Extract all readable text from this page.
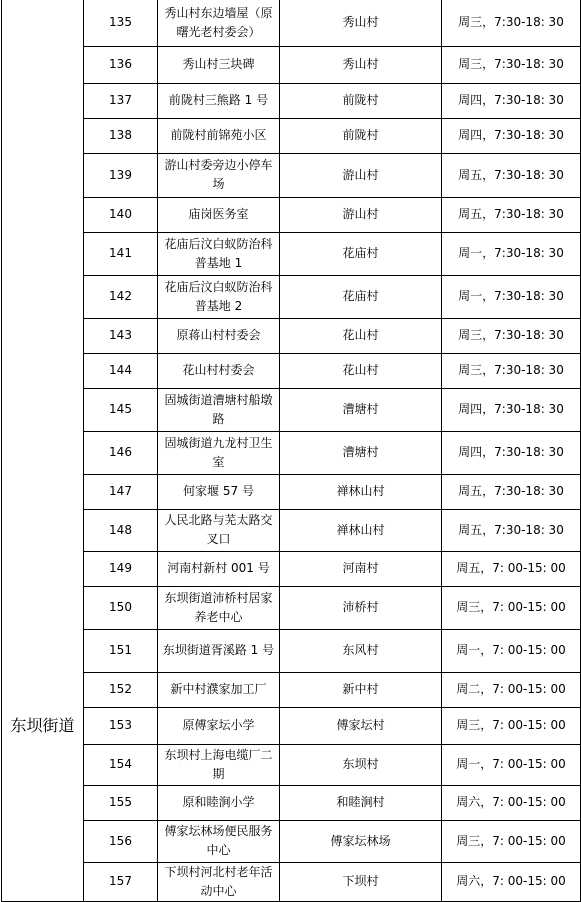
	135	秀山村东边墙屋（原曙光老村委会）	秀山村	周三，7:30-18: 30
	136	秀山村三块碑	秀山村	周三，7:30-18: 30
	137	前陇村三熊路 1 号	前陇村	周四，7:30-18: 30
	138	前陇村前锦苑小区	前陇村	周四，7:30-18: 30
	139	游山村委旁边小停车场	游山村	周五，7:30-18: 30
	140	庙岗医务室	游山村	周五，7:30-18: 30
	141	花庙后汶白蚁防治科普基地 1	花庙村	周一，7:30-18: 30
	142	花庙后汶白蚁防治科普基地 2	花庙村	周一，7:30-18: 30
	143	原蒋山村村委会	花山村	周三，7:30-18: 30
	144	花山村村委会	花山村	周三，7:30-18: 30
	145	固城街道漕塘村船墩路	漕塘村	周四，7:30-18: 30
	146	固城街道九龙村卫生室	漕塘村	周四，7:30-18: 30
	147	何家堰 57 号	禅林山村	周五，7:30-18: 30
	148	人民北路与芜太路交叉口	禅林山村	周五，7:30-18: 30
东坝街道	149	河南村新村 001 号	河南村	周五，7: 00-15: 00
	150	东坝街道沛桥村居家养老中心	沛桥村	周三，7: 00-15: 00
	151	东坝街道胥溪路 1 号	东风村	周一，7: 00-15: 00
	152	新中村濮家加工厂	新中村	周二，7: 00-15: 00
	153	原傅家坛小学	傅家坛村	周三，7: 00-15: 00
	154	东坝村上海电缆厂二期	东坝村	周一，7: 00-15: 00
	155	原和睦涧小学	和睦涧村	周六，7: 00-15: 00
	156	傅家坛林场便民服务中心	傅家坛林场	周三，7: 00-15: 00
	157	下坝村河北村老年活动中心	下坝村	周六，7: 00-15: 00
